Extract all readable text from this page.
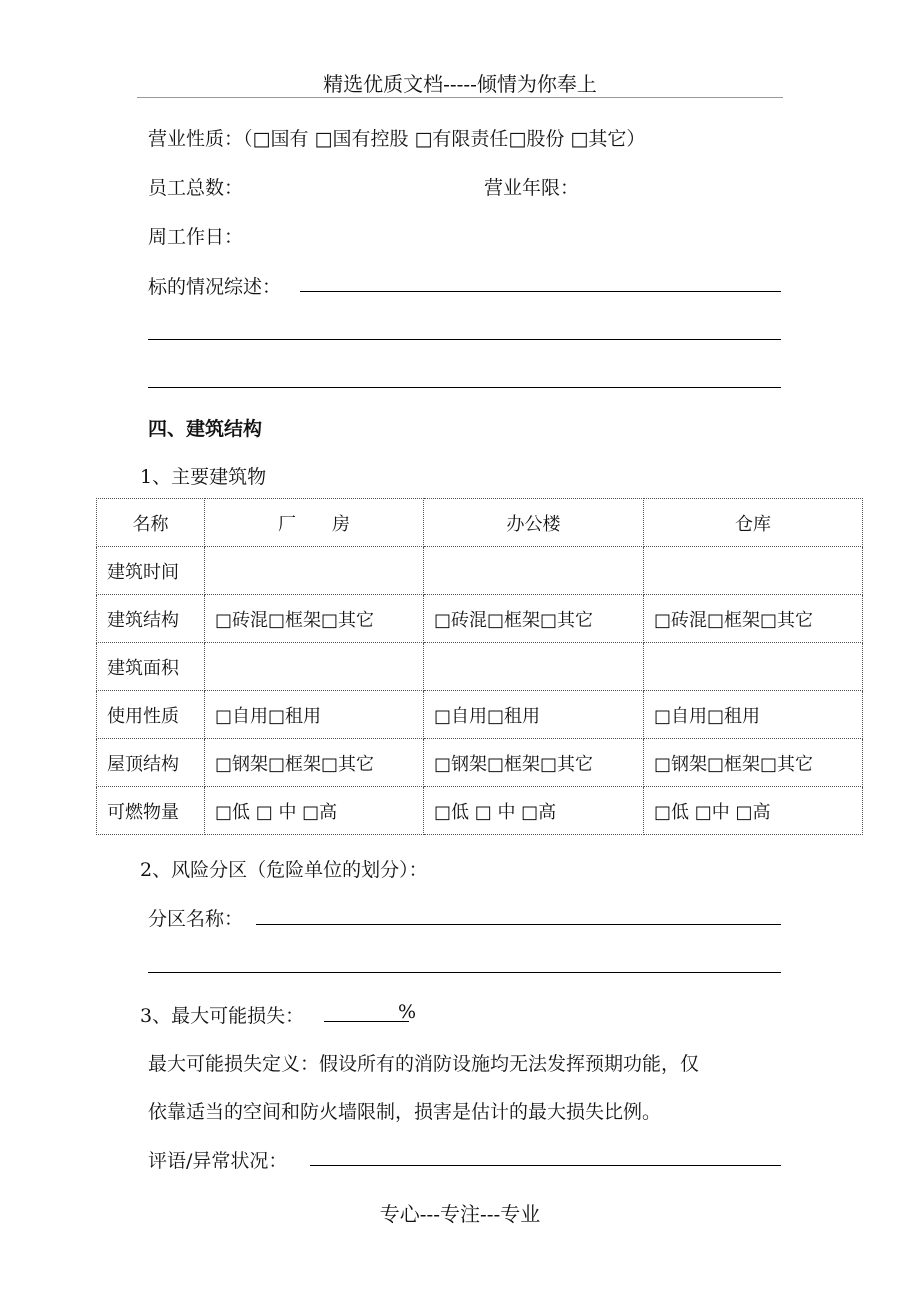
精选优质文档-----倾情为你奉上
营业性质：（□国有 □国有控股 □有限责任□股份 □其它）
员工总数：	营业年限：
周工作日：
标的情况综述：
四、建筑结构
1、主要建筑物
名称	厂　　房	办公楼	仓库
建筑时间			
建筑结构	□砖混□框架□其它	□砖混□框架□其它	□砖混□框架□其它
建筑面积			
使用性质	□自用□租用	□自用□租用	□自用□租用
屋顶结构	□钢架□框架□其它	□钢架□框架□其它	□钢架□框架□其它
可燃物量	□低 □ 中 □高	□低 □ 中 □高	□低 □中 □高
2、风险分区（危险单位的划分）：
分区名称：
3、最大可能损失：	%
最大可能损失定义：假设所有的消防设施均无法发挥预期功能，仅
依靠适当的空间和防火墙限制，损害是估计的最大损失比例。
评语/异常状况：
专心---专注---专业
